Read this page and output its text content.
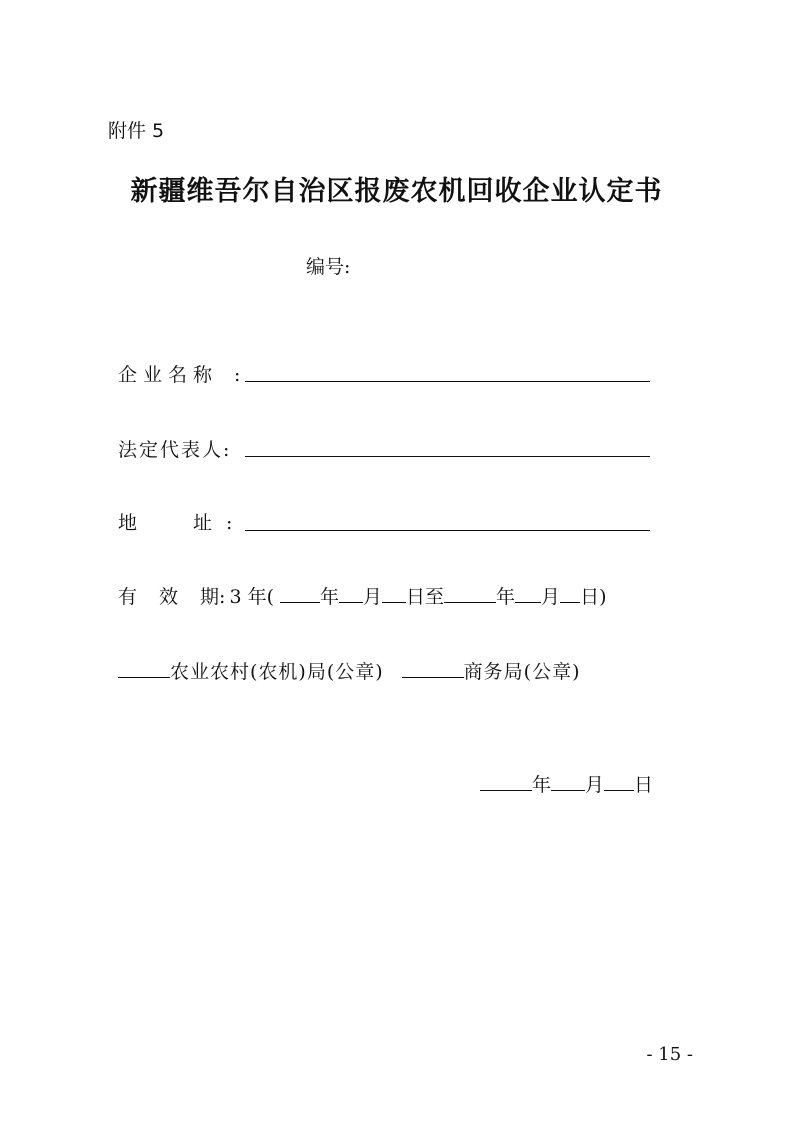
附件 5
新疆维吾尔自治区报废农机回收企业认定书
编号:
企业名称 :
法定代表人:
地	址 :
有 效 期: 3 年( 年 月 日至	年 月 日)
农业农村(农机)局(公章)	商务局(公章)
年 月 日
- 15 -
